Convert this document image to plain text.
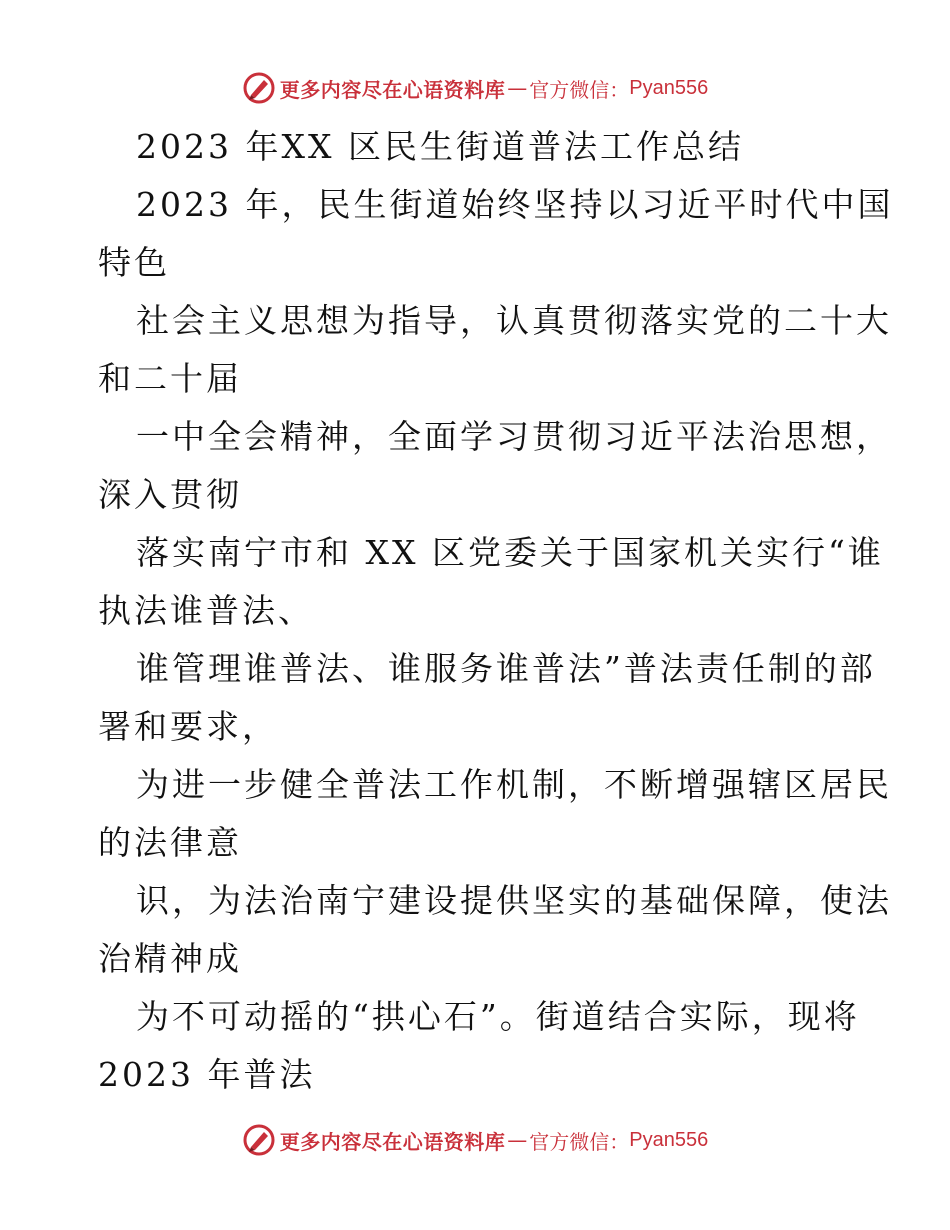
更多内容尽在心语资料库 — 官方微信： Pyan556
2023 年XX 区民生街道普法工作总结
2023 年，民生街道始终坚持以习近平时代中国
特色
社会主义思想为指导，认真贯彻落实党的二十大
和二十届
一中全会精神，全面学习贯彻习近平法治思想，
深入贯彻
落实南宁市和 XX 区党委关于国家机关实行“谁
执法谁普法、
谁管理谁普法、谁服务谁普法”普法责任制的部
署和要求，
为进一步健全普法工作机制，不断增强辖区居民
的法律意
识，为法治南宁建设提供坚实的基础保障，使法
治精神成
为不可动摇的“拱心石”。街道结合实际，现将
2023 年普法
更多内容尽在心语资料库 — 官方微信： Pyan556
